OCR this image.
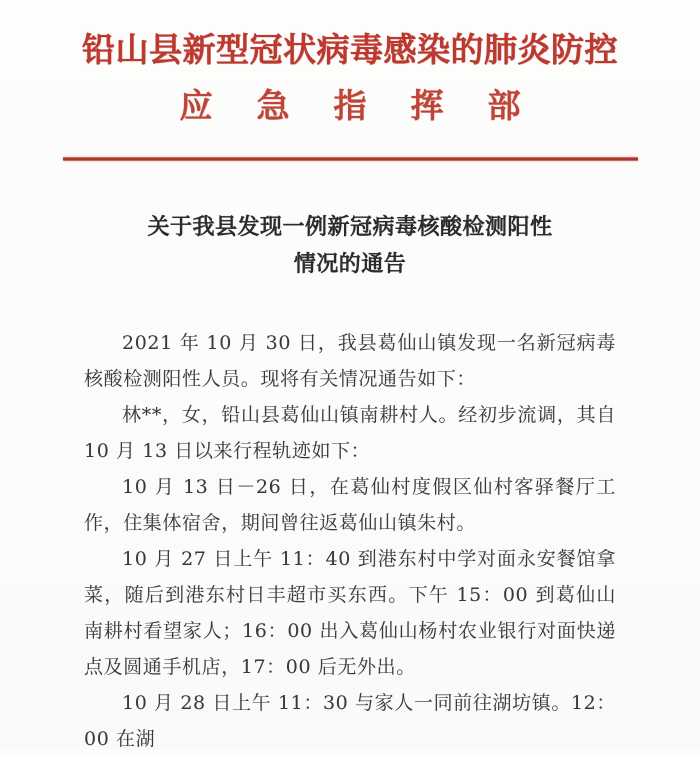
铅山县新型冠状病毒感染的肺炎防控
应急指挥部
关于我县发现一例新冠病毒核酸检测阳性
情况的通告

2021 年 10 月 30 日，我县葛仙山镇发现一名新冠病毒核酸检测阳性人员。现将有关情况通告如下：

林**，女，铅山县葛仙山镇南耕村人。经初步流调，其自 10 月 13 日以来行程轨迹如下：

10 月 13 日－26 日，在葛仙村度假区仙村客驿餐厅工作，住集体宿舍，期间曾往返葛仙山镇朱村。

10 月 27 日上午 11：40 到港东村中学对面永安餐馆拿菜，随后到港东村日丰超市买东西。下午 15：00 到葛仙山南耕村看望家人；16：00 出入葛仙山杨村农业银行对面快递点及圆通手机店，17：00 后无外出。

10 月 28 日上午 11：30 与家人一同前往湖坊镇。12：00 在湖
